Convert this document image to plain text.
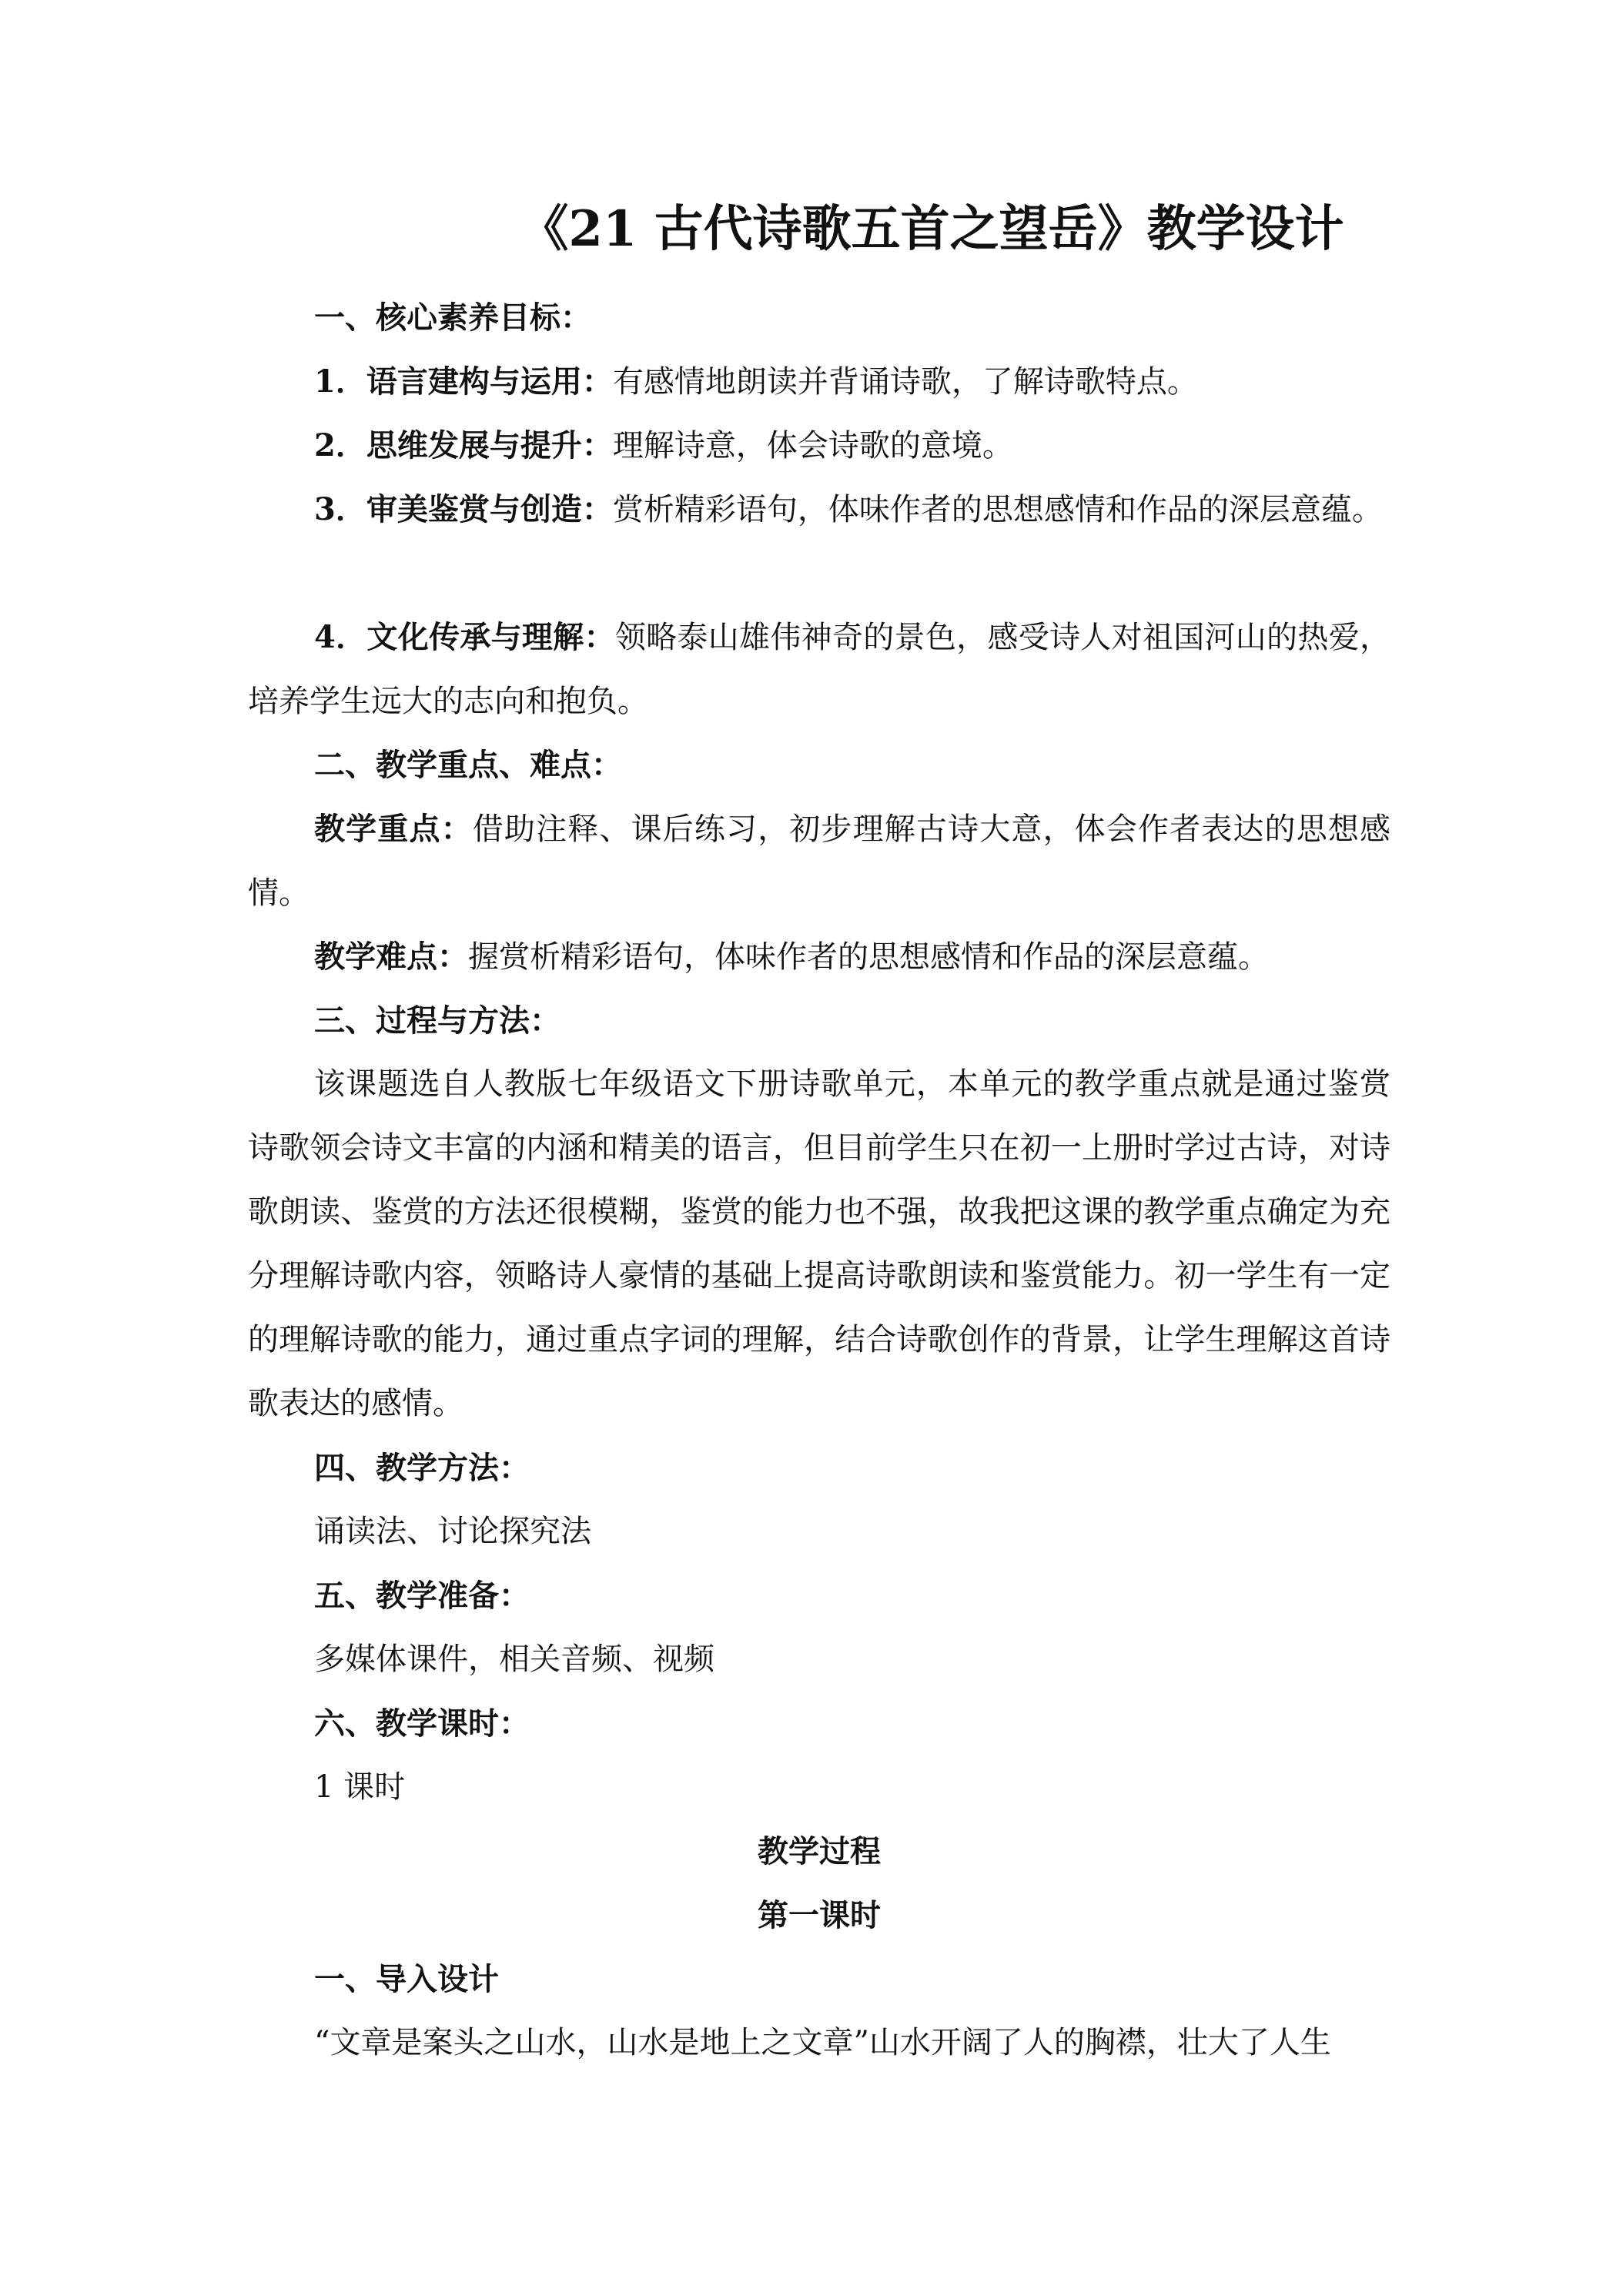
《21 古代诗歌五首之望岳》教学设计

一、核心素养目标：

1．语言建构与运用：有感情地朗读并背诵诗歌，了解诗歌特点。

2．思维发展与提升：理解诗意，体会诗歌的意境。

3．审美鉴赏与创造：赏析精彩语句，体味作者的思想感情和作品的深层意蕴。

4．文化传承与理解：领略泰山雄伟神奇的景色，感受诗人对祖国河山的热爱，培养学生远大的志向和抱负。

二、教学重点、难点：

教学重点：借助注释、课后练习，初步理解古诗大意，体会作者表达的思想感情。

教学难点：握赏析精彩语句，体味作者的思想感情和作品的深层意蕴。

三、过程与方法：

该课题选自人教版七年级语文下册诗歌单元，本单元的教学重点就是通过鉴赏诗歌领会诗文丰富的内涵和精美的语言，但目前学生只在初一上册时学过古诗，对诗歌朗读、鉴赏的方法还很模糊，鉴赏的能力也不强，故我把这课的教学重点确定为充分理解诗歌内容，领略诗人豪情的基础上提高诗歌朗读和鉴赏能力。初一学生有一定的理解诗歌的能力，通过重点字词的理解，结合诗歌创作的背景，让学生理解这首诗歌表达的感情。

四、教学方法：

诵读法、讨论探究法

五、教学准备：

多媒体课件，相关音频、视频

六、教学课时：

1 课时

教学过程

第一课时

一、导入设计

“文章是案头之山水，山水是地上之文章”山水开阔了人的胸襟，壮大了人生
